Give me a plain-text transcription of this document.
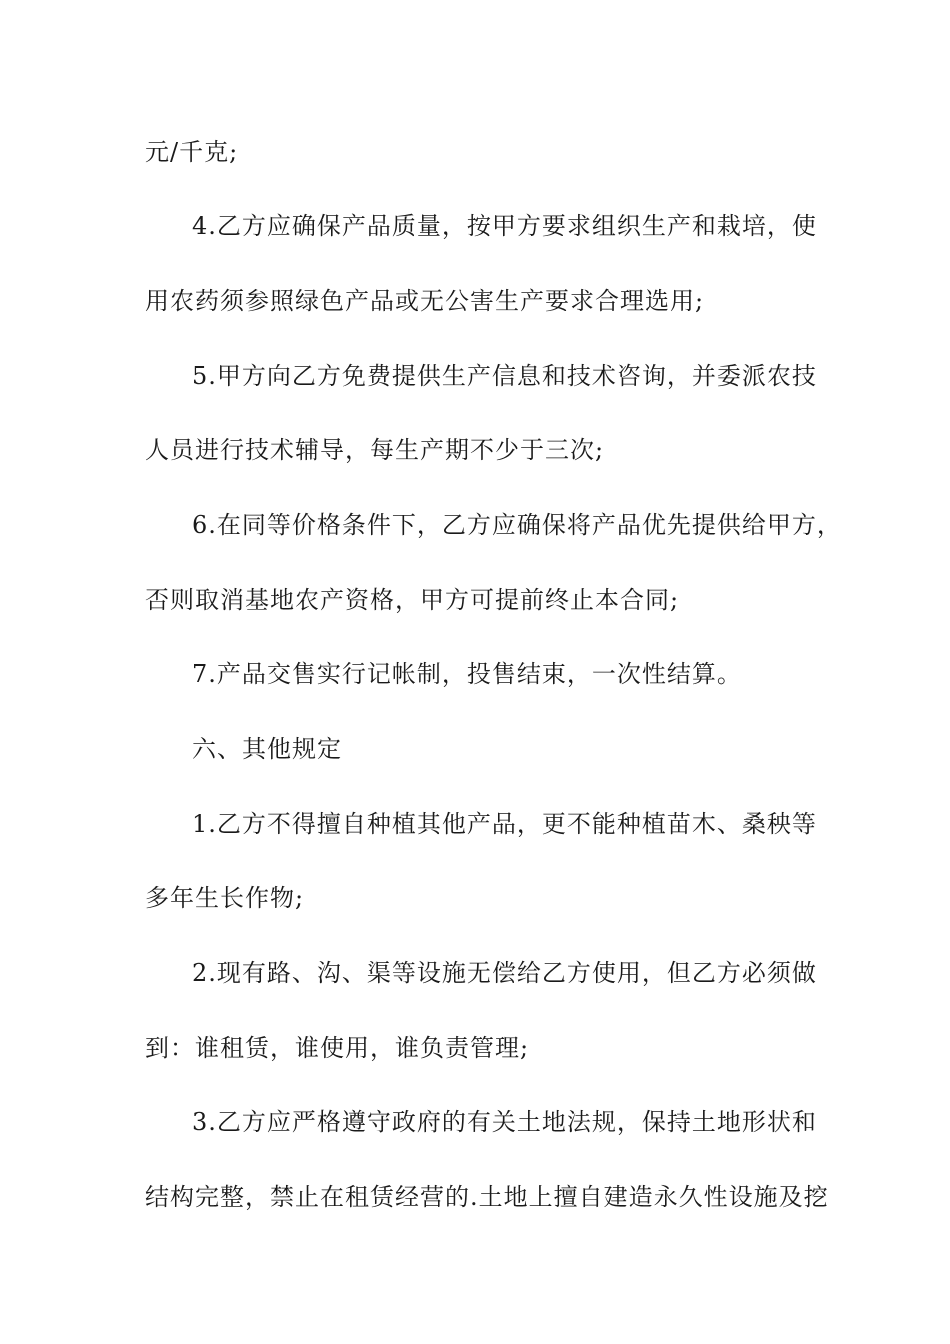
元/千克;
4.乙方应确保产品质量，按甲方要求组织生产和栽培，使
用农药须参照绿色产品或无公害生产要求合理选用;
5.甲方向乙方免费提供生产信息和技术咨询，并委派农技
人员进行技术辅导，每生产期不少于三次;
6.在同等价格条件下，乙方应确保将产品优先提供给甲方，
否则取消基地农产资格，甲方可提前终止本合同;
7.产品交售实行记帐制，投售结束，一次性结算。
六、其他规定
1.乙方不得擅自种植其他产品，更不能种植苗木、桑秧等
多年生长作物;
2.现有路、沟、渠等设施无偿给乙方使用，但乙方必须做
到：谁租赁，谁使用，谁负责管理;
3.乙方应严格遵守政府的有关土地法规，保持土地形状和
结构完整，禁止在租赁经营的.土地上擅自建造永久性设施及挖
